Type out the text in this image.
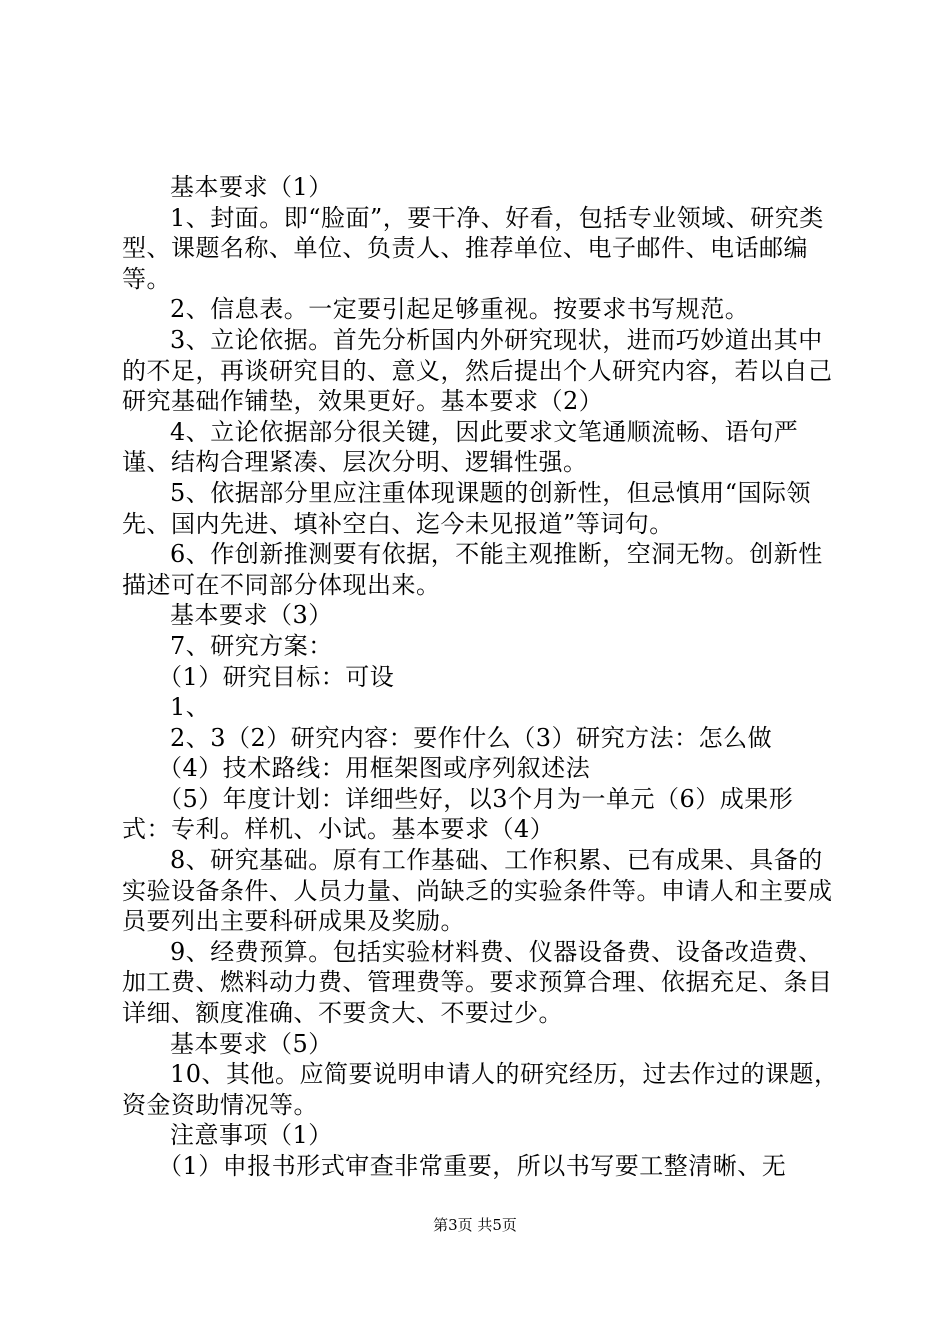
基本要求（1）

1、封面。即“脸面”，要干净、好看，包括专业领域、研究类型、课题名称、单位、负责人、推荐单位、电子邮件、电话邮编等。

2、信息表。一定要引起足够重视。按要求书写规范。

3、立论依据。首先分析国内外研究现状，进而巧妙道出其中的不足，再谈研究目的、意义，然后提出个人研究内容，若以自己研究基础作铺垫，效果更好。基本要求（2）

4、立论依据部分很关键，因此要求文笔通顺流畅、语句严谨、结构合理紧凑、层次分明、逻辑性强。

5、依据部分里应注重体现课题的创新性，但忌慎用“国际领先、国内先进、填补空白、迄今未见报道”等词句。

6、作创新推测要有依据，不能主观推断，空洞无物。创新性描述可在不同部分体现出来。

基本要求（3）

7、研究方案：

（1）研究目标：可设

1、

2、3（2）研究内容：要作什么（3）研究方法：怎么做

（4）技术路线：用框架图或序列叙述法

（5）年度计划：详细些好，以3个月为一单元（6）成果形式：专利。样机、小试。基本要求（4）

8、研究基础。原有工作基础、工作积累、已有成果、具备的实验设备条件、人员力量、尚缺乏的实验条件等。申请人和主要成员要列出主要科研成果及奖励。

9、经费预算。包括实验材料费、仪器设备费、设备改造费、加工费、燃料动力费、管理费等。要求预算合理、依据充足、条目详细、额度准确、不要贪大、不要过少。

基本要求（5）

10、其他。应简要说明申请人的研究经历，过去作过的课题，资金资助情况等。

注意事项（1）

（1）申报书形式审查非常重要，所以书写要工整清晰、无

第3页 共5页
